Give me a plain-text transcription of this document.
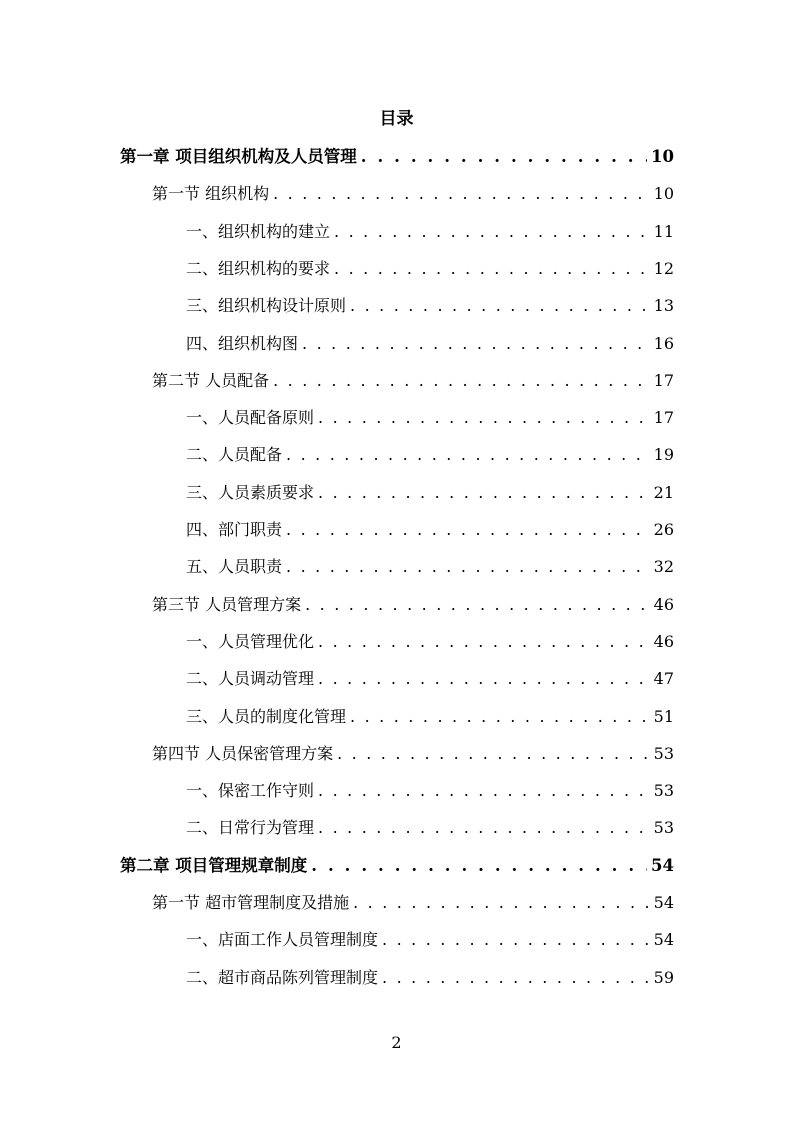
目录
第一章 项目组织机构及人员管理 . . .	10
第一节 组织机构 . . .	10
一、组织机构的建立 . . .	11
二、组织机构的要求 . . .	12
三、组织机构设计原则 . . .	13
四、组织机构图 . . .	16
第二节 人员配备 . . .	17
一、人员配备原则 . . .	17
二、人员配备 . . .	19
三、人员素质要求 . . .	21
四、部门职责 . . .	26
五、人员职责 . . .	32
第三节 人员管理方案 . . .	46
一、人员管理优化 . . .	46
二、人员调动管理 . . .	47
三、人员的制度化管理 . . .	51
第四节 人员保密管理方案 . . .	53
一、保密工作守则 . . .	53
二、日常行为管理 . . .	53
第二章 项目管理规章制度 . . .	54
第一节 超市管理制度及措施 . . .	54
一、店面工作人员管理制度 . . .	54
二、超市商品陈列管理制度 . . .	59
2
